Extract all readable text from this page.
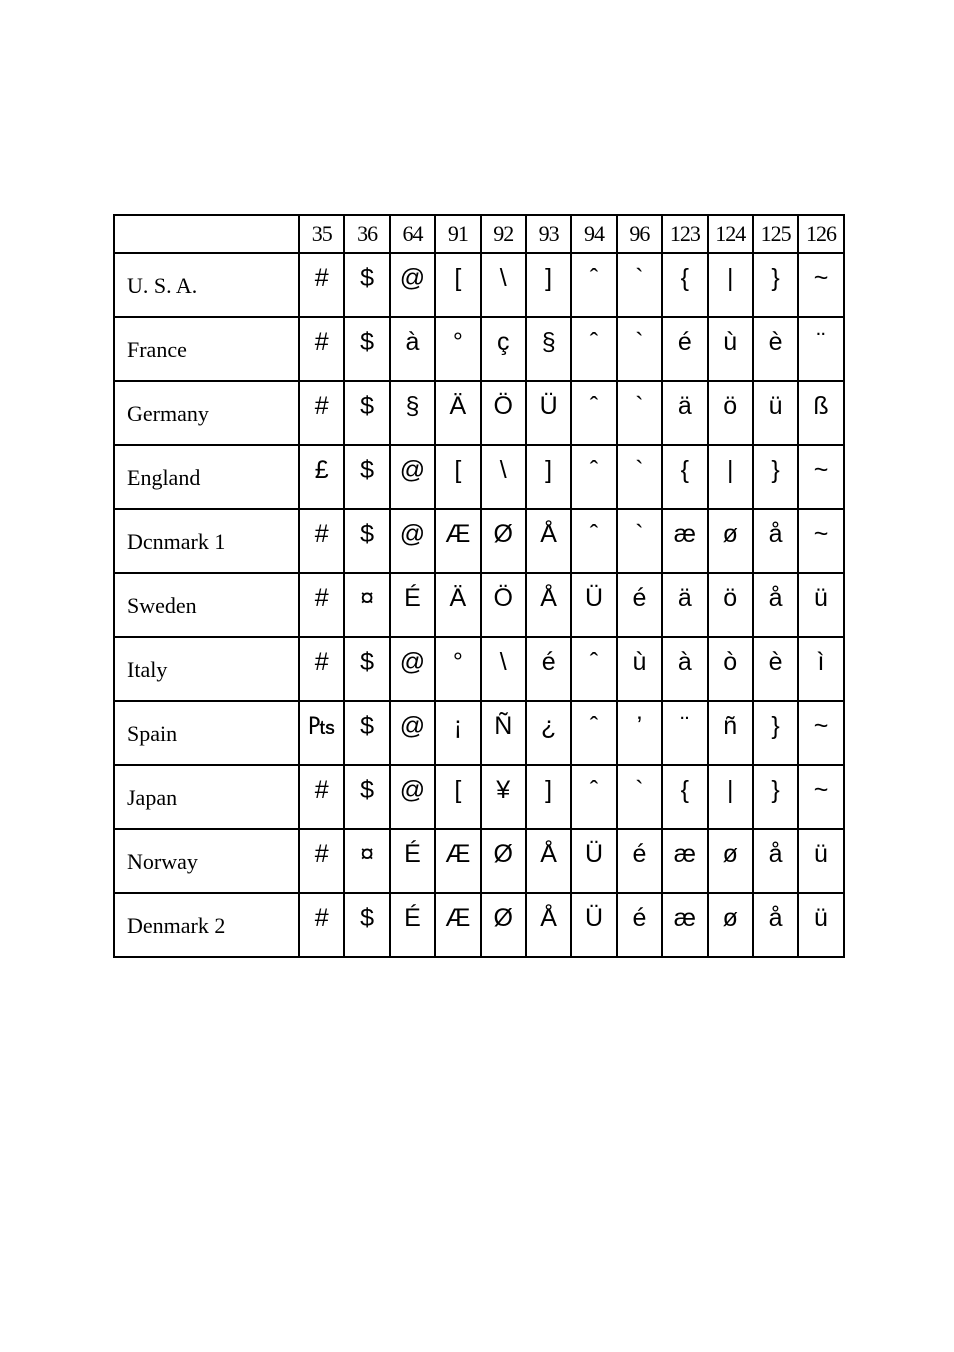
	35	36	64	91	92	93	94	96	123	124	125	126
U. S. A.	#	$	@	[	\	]	ˆ	`	{	|	}	~
France	#	$	à	°	ç	§	ˆ	`	é	ù	è	¨
Germany	#	$	§	Ä	Ö	Ü	ˆ	`	ä	ö	ü	ß
England	£	$	@	[	\	]	ˆ	`	{	|	}	~
Dcnmark 1	#	$	@	Æ	Ø	Å	ˆ	`	æ	ø	å	~
Sweden	#	¤	É	Ä	Ö	Å	Ü	é	ä	ö	å	ü
Italy	#	$	@	°	\	é	ˆ	ù	à	ò	è	ì
Spain	₧	$	@	¡	Ñ	¿	ˆ	’	¨	ñ	}	~
Japan	#	$	@	[	¥	]	ˆ	`	{	|	}	~
Norway	#	¤	É	Æ	Ø	Å	Ü	é	æ	ø	å	ü
Denmark 2	#	$	É	Æ	Ø	Å	Ü	é	æ	ø	å	ü
